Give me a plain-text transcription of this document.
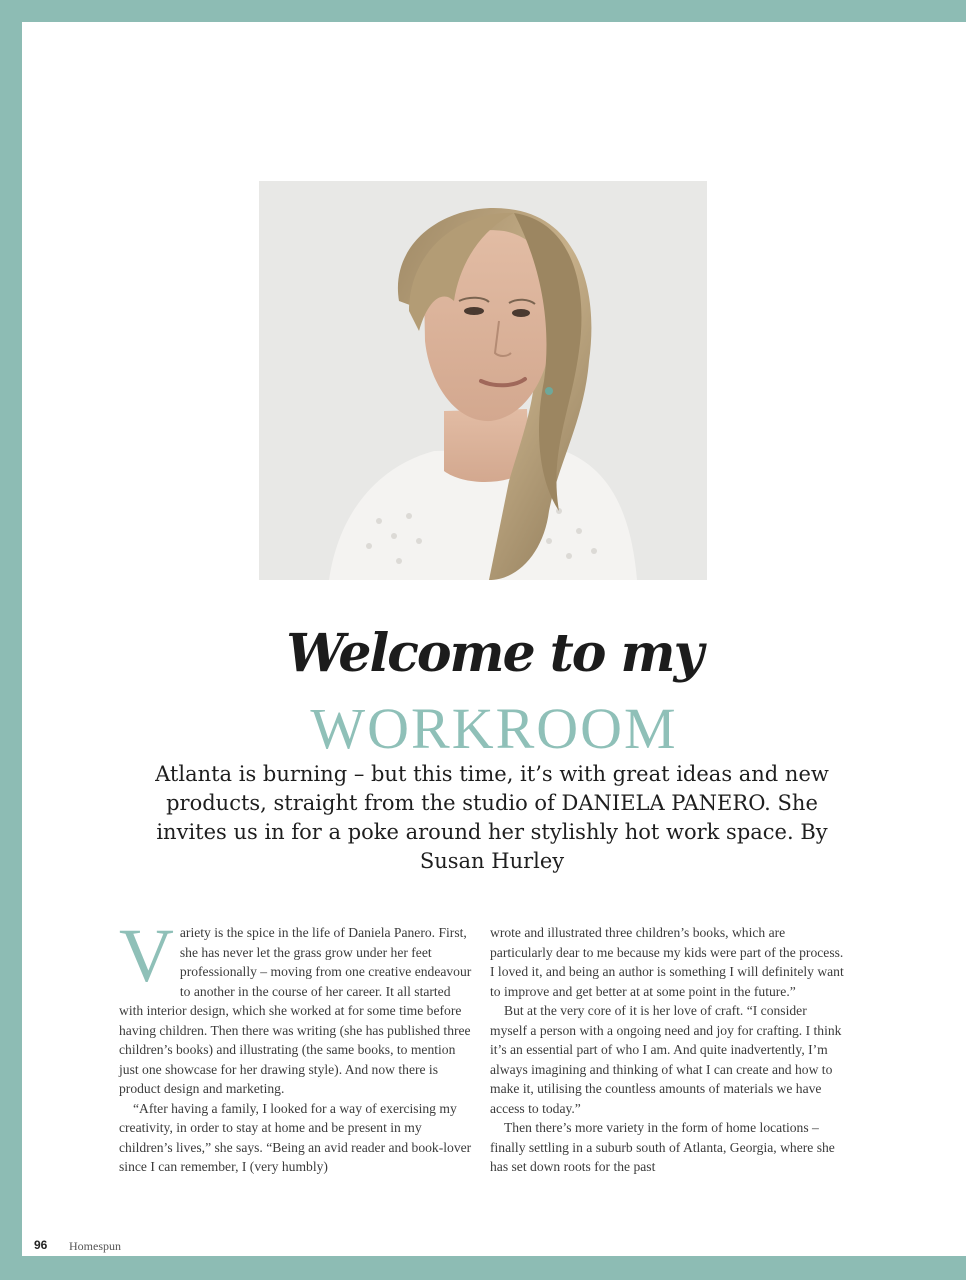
Welcome to my
WORKROOM
Atlanta is burning – but this time, it’s with great ideas and new products, straight from the studio of DANIELA PANERO. She invites us in for a poke around her stylishly hot work space. By Susan Hurley

Variety is the spice in the life of Daniela Panero. First, she has never let the grass grow under her feet professionally – moving from one creative endeavour to another in the course of her career. It all started with interior design, which she worked at for some time before having children. Then there was writing (she has published three children’s books) and illustrating (the same books, to mention just one showcase for her drawing style). And now there is product design and marketing.

“After having a family, I looked for a way of exercising my creativity, in order to stay at home and be present in my children’s lives,” she says. “Being an avid reader and book-lover since I can remember, I (very humbly)

wrote and illustrated three children’s books, which are particularly dear to me because my kids were part of the process. I loved it, and being an author is something I will definitely want to improve and get better at at some point in the future.”

But at the very core of it is her love of craft. “I consider myself a person with a ongoing need and joy for crafting. I think it’s an essential part of who I am. And quite inadvertently, I’m always imagining and thinking of what I can create and how to make it, utilising the countless amounts of materials we have access to today.”

Then there’s more variety in the form of home locations – finally settling in a suburb south of Atlanta, Georgia, where she has set down roots for the past

96 Homespun
